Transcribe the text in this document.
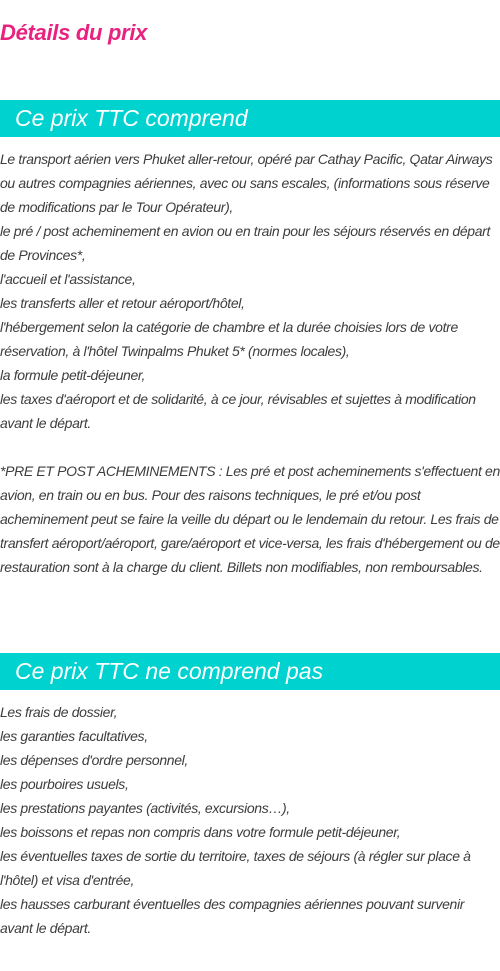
Détails du prix
Ce prix TTC comprend
Le transport aérien vers Phuket aller-retour, opéré par Cathay Pacific, Qatar Airways ou autres compagnies aériennes, avec ou sans escales, (informations sous réserve de modifications par le Tour Opérateur),
le pré / post acheminement en avion ou en train pour les séjours réservés en départ de Provinces*,
l'accueil et l'assistance,
les transferts aller et retour aéroport/hôtel,
l'hébergement selon la catégorie de chambre et la durée choisies lors de votre réservation, à l'hôtel Twinpalms Phuket 5* (normes locales),
la formule petit-déjeuner,
les taxes d'aéroport et de solidarité, à ce jour, révisables et sujettes à modification avant le départ.
*PRE ET POST ACHEMINEMENTS : Les pré et post acheminements s'effectuent en avion, en train ou en bus. Pour des raisons techniques, le pré et/ou post acheminement peut se faire la veille du départ ou le lendemain du retour. Les frais de transfert aéroport/aéroport, gare/aéroport et vice-versa, les frais d'hébergement ou de restauration sont à la charge du client. Billets non modifiables, non remboursables.
Ce prix TTC ne comprend pas
Les frais de dossier,
les garanties facultatives,
les dépenses d'ordre personnel,
les pourboires usuels,
les prestations payantes (activités, excursions…),
les boissons et repas non compris dans votre formule petit-déjeuner,
les éventuelles taxes de sortie du territoire, taxes de séjours (à régler sur place à l'hôtel) et visa d'entrée,
les hausses carburant éventuelles des compagnies aériennes pouvant survenir avant le départ.
